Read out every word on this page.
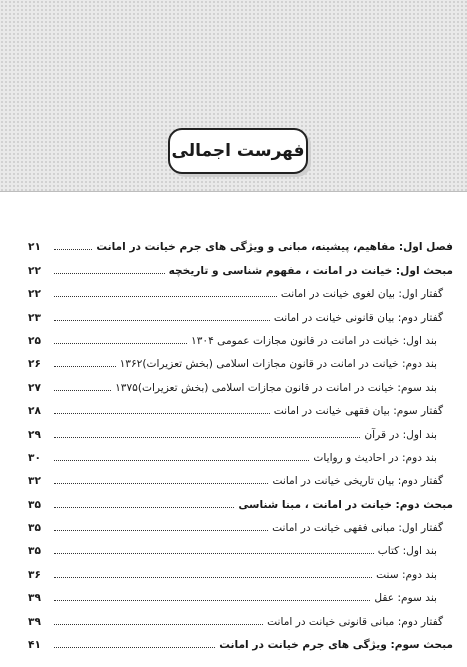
فهرست اجمالی
فصل اول: مفاهیم، پیشینه، مبانی و ویژگی های جرم خیانت در امانت
۲۱
مبحث اول: خیانت در امانت ، مفهوم شناسی و تاریخچه
۲۲
گفتار اول: بیان لغوی خیانت در امانت
۲۲
گفتار دوم: بیان قانونی خیانت در امانت
۲۳
بند اول: خیانت در امانت در قانون مجازات عمومی ۱۳۰۴
۲۵
بند دوم: خیانت در امانت در قانون مجازات اسلامی (بخش تعزیرات)۱۳۶۲
۲۶
بند سوم: خیانت در امانت در قانون مجازات اسلامی (بخش تعزیرات)۱۳۷۵
۲۷
گفتار سوم: بیان فقهی خیانت در امانت
۲۸
بند اول: در قرآن
۲۹
بند دوم: در احادیث و روایات
۳۰
گفتار دوم: بیان تاریخی خیانت در امانت
۳۲
مبحث دوم: خیانت در امانت ، مبنا شناسی
۳۵
گفتار اول: مبانی فقهی خیانت در امانت
۳۵
بند اول: کتاب
۳۵
بند دوم: سنت
۳۶
بند سوم: عقل
۳۹
گفتار دوم: مبانی قانونی خیانت در امانت
۳۹
مبحث سوم: ویژگی های جرم خیانت در امانت
۴۱
